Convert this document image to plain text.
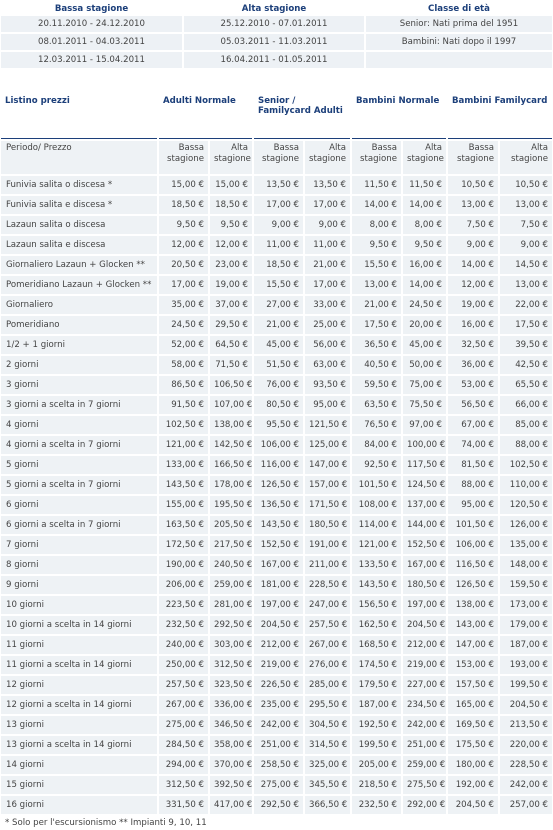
Bassa stagione		Alta stagione		Classe di età
20.11.2010 - 24.12.2010		25.12.2010 - 07.01.2011		Senior: Nati prima del 1951
08.01.2011 - 04.03.2011		05.03.2011 - 11.03.2011		Bambini: Nati dopo il 1997
12.03.2011 - 15.04.2011		16.04.2011 - 01.05.2011		
Listino prezzi		Adulti Normale		Senior / Familycard Adulti		Bambini Normale		Bambini Familycard

Periodo/ Prezzo		Bassa stagione		Alta stagione		Bassa stagione		Alta stagione		Bassa stagione		Alta stagione		Bassa stagione		Alta stagione
Funivia salita o discesa *		15,00 €		15,00 €		13,50 €		13,50 €		11,50 €		11,50 €		10,50 €		10,50 €
Funivia salita e discesa *		18,50 €		18,50 €		17,00 €		17,00 €		14,00 €		14,00 €		13,00 €		13,00 €
Lazaun salita o discesa		9,50 €		9,50 €		9,00 €		9,00 €		8,00 €		8,00 €		7,50 €		7,50 €
Lazaun salita e discesa		12,00 €		12,00 €		11,00 €		11,00 €		9,50 €		9,50 €		9,00 €		9,00 €
Giornaliero Lazaun + Glocken **		20,50 €		23,00 €		18,50 €		21,00 €		15,50 €		16,00 €		14,00 €		14,50 €
Pomeridiano Lazaun + Glocken **		17,00 €		19,00 €		15,50 €		17,00 €		13,00 €		14,00 €		12,00 €		13,00 €
Giornaliero		35,00 €		37,00 €		27,00 €		33,00 €		21,00 €		24,50 €		19,00 €		22,00 €
Pomeridiano		24,50 €		29,50 €		21,00 €		25,00 €		17,50 €		20,00 €		16,00 €		17,50 €
1/2 + 1 giorni		52,00 €		64,50 €		45,00 €		56,00 €		36,50 €		45,00 €		32,50 €		39,50 €
2 giorni		58,00 €		71,50 €		51,50 €		63,00 €		40,50 €		50,00 €		36,00 €		42,50 €
3 giorni		86,50 €		106,50 €		76,00 €		93,50 €		59,50 €		75,00 €		53,00 €		65,50 €
3 giorni a scelta in 7 giorni		91,50 €		107,00 €		80,50 €		95,00 €		63,50 €		75,50 €		56,50 €		66,00 €
4 giorni		102,50 €		138,00 €		95,50 €		121,50 €		76,50 €		97,00 €		67,00 €		85,00 €
4 giorni a scelta in 7 giorni		121,00 €		142,50 €		106,00 €		125,00 €		84,00 €		100,00 €		74,00 €		88,00 €
5 giorni		133,00 €		166,50 €		116,00 €		147,00 €		92,50 €		117,50 €		81,50 €		102,50 €
5 giorni a scelta in 7 giorni		143,50 €		178,00 €		126,50 €		157,00 €		101,50 €		124,50 €		88,00 €		110,00 €
6 giorni		155,00 €		195,50 €		136,50 €		171,50 €		108,00 €		137,00 €		95,00 €		120,50 €
6 giorni a scelta in 7 giorni		163,50 €		205,50 €		143,50 €		180,50 €		114,00 €		144,00 €		101,50 €		126,00 €
7 giorni		172,50 €		217,50 €		152,50 €		191,00 €		121,00 €		152,50 €		106,00 €		135,00 €
8 giorni		190,00 €		240,50 €		167,00 €		211,00 €		133,50 €		167,00 €		116,50 €		148,00 €
9 giorni		206,00 €		259,00 €		181,00 €		228,50 €		143,50 €		180,50 €		126,50 €		159,50 €
10 giorni		223,50 €		281,00 €		197,00 €		247,00 €		156,50 €		197,00 €		138,00 €		173,00 €
10 giorni a scelta in 14 giorni		232,50 €		292,50 €		204,50 €		257,50 €		162,50 €		204,50 €		143,00 €		179,00 €
11 giorni		240,00 €		303,00 €		212,00 €		267,00 €		168,50 €		212,00 €		147,00 €		187,00 €
11 giorni a scelta in 14 giorni		250,00 €		312,50 €		219,00 €		276,00 €		174,50 €		219,00 €		153,00 €		193,00 €
12 giorni		257,50 €		323,50 €		226,50 €		285,00 €		179,50 €		227,00 €		157,50 €		199,50 €
12 giorni a scelta in 14 giorni		267,00 €		336,00 €		235,00 €		295,50 €		187,00 €		234,50 €		165,00 €		204,50 €
13 giorni		275,00 €		346,50 €		242,00 €		304,50 €		192,50 €		242,00 €		169,50 €		213,50 €
13 giorni a scelta in 14 giorni		284,50 €		358,00 €		251,00 €		314,50 €		199,50 €		251,00 €		175,50 €		220,00 €
14 giorni		294,00 €		370,00 €		258,50 €		325,00 €		205,00 €		259,00 €		180,00 €		228,50 €
15 giorni		312,50 €		392,50 €		275,00 €		345,50 €		218,50 €		275,50 €		192,00 €		242,00 €
16 giorni		331,50 €		417,00 €		292,50 €		366,50 €		232,50 €		292,00 €		204,50 €		257,00 €
* Solo per l'escursionismo ** Impianti 9, 10, 11
